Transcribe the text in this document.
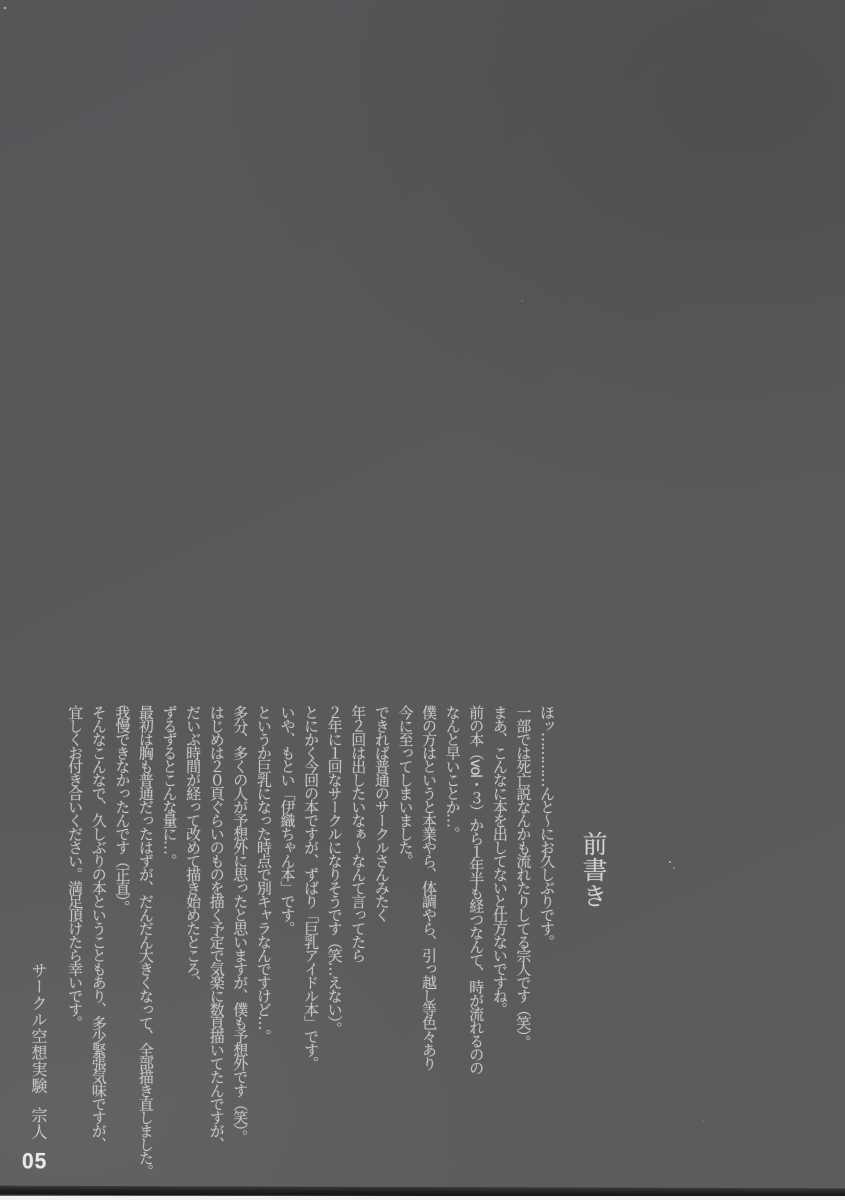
前書き

ほッ…………んと～にお久しぶりです。

一部では死亡説なんかも流れたりしてる宗人です（笑）。

まあ、こんなに本を出してないと仕方ないですね。

前の本（vol・３）から１年半も経つなんて、時が流れるのの

なんと早いことか…。

僕の方はというと本業やら、体調やら、引っ越し等色々あり

今に至ってしまいました。

できれば普通のサークルさんみたく

年２回は出したいなぁ～なんて言ってたら

２年に１回なサークルになりそうです（笑…えない）。

とにかく今回の本ですが、ずばり「巨乳アイドル本」です。

いや、もとい「伊織ちゃん本」です。

というか巨乳になった時点で別キャラなんですけど…。

多分、多くの人が予想外に思ったと思いますが、僕も予想外です（笑）。

はじめは２０頁ぐらいのものを描く予定で気楽に数頁描いてたんですが、

だいぶ時間が経って改めて描き始めたところ、

ずるずるとこんな量に…。

最初は胸も普通だったはずが、だんだん大きくなって、全部描き直しました。

我慢できなかったんです（正直）。

そんなこんなで、久しぶりの本ということもあり、多少緊張気味ですが、

宜しくお付き合いください。満足頂けたら幸いです。

サークル空想実験宗人
05
